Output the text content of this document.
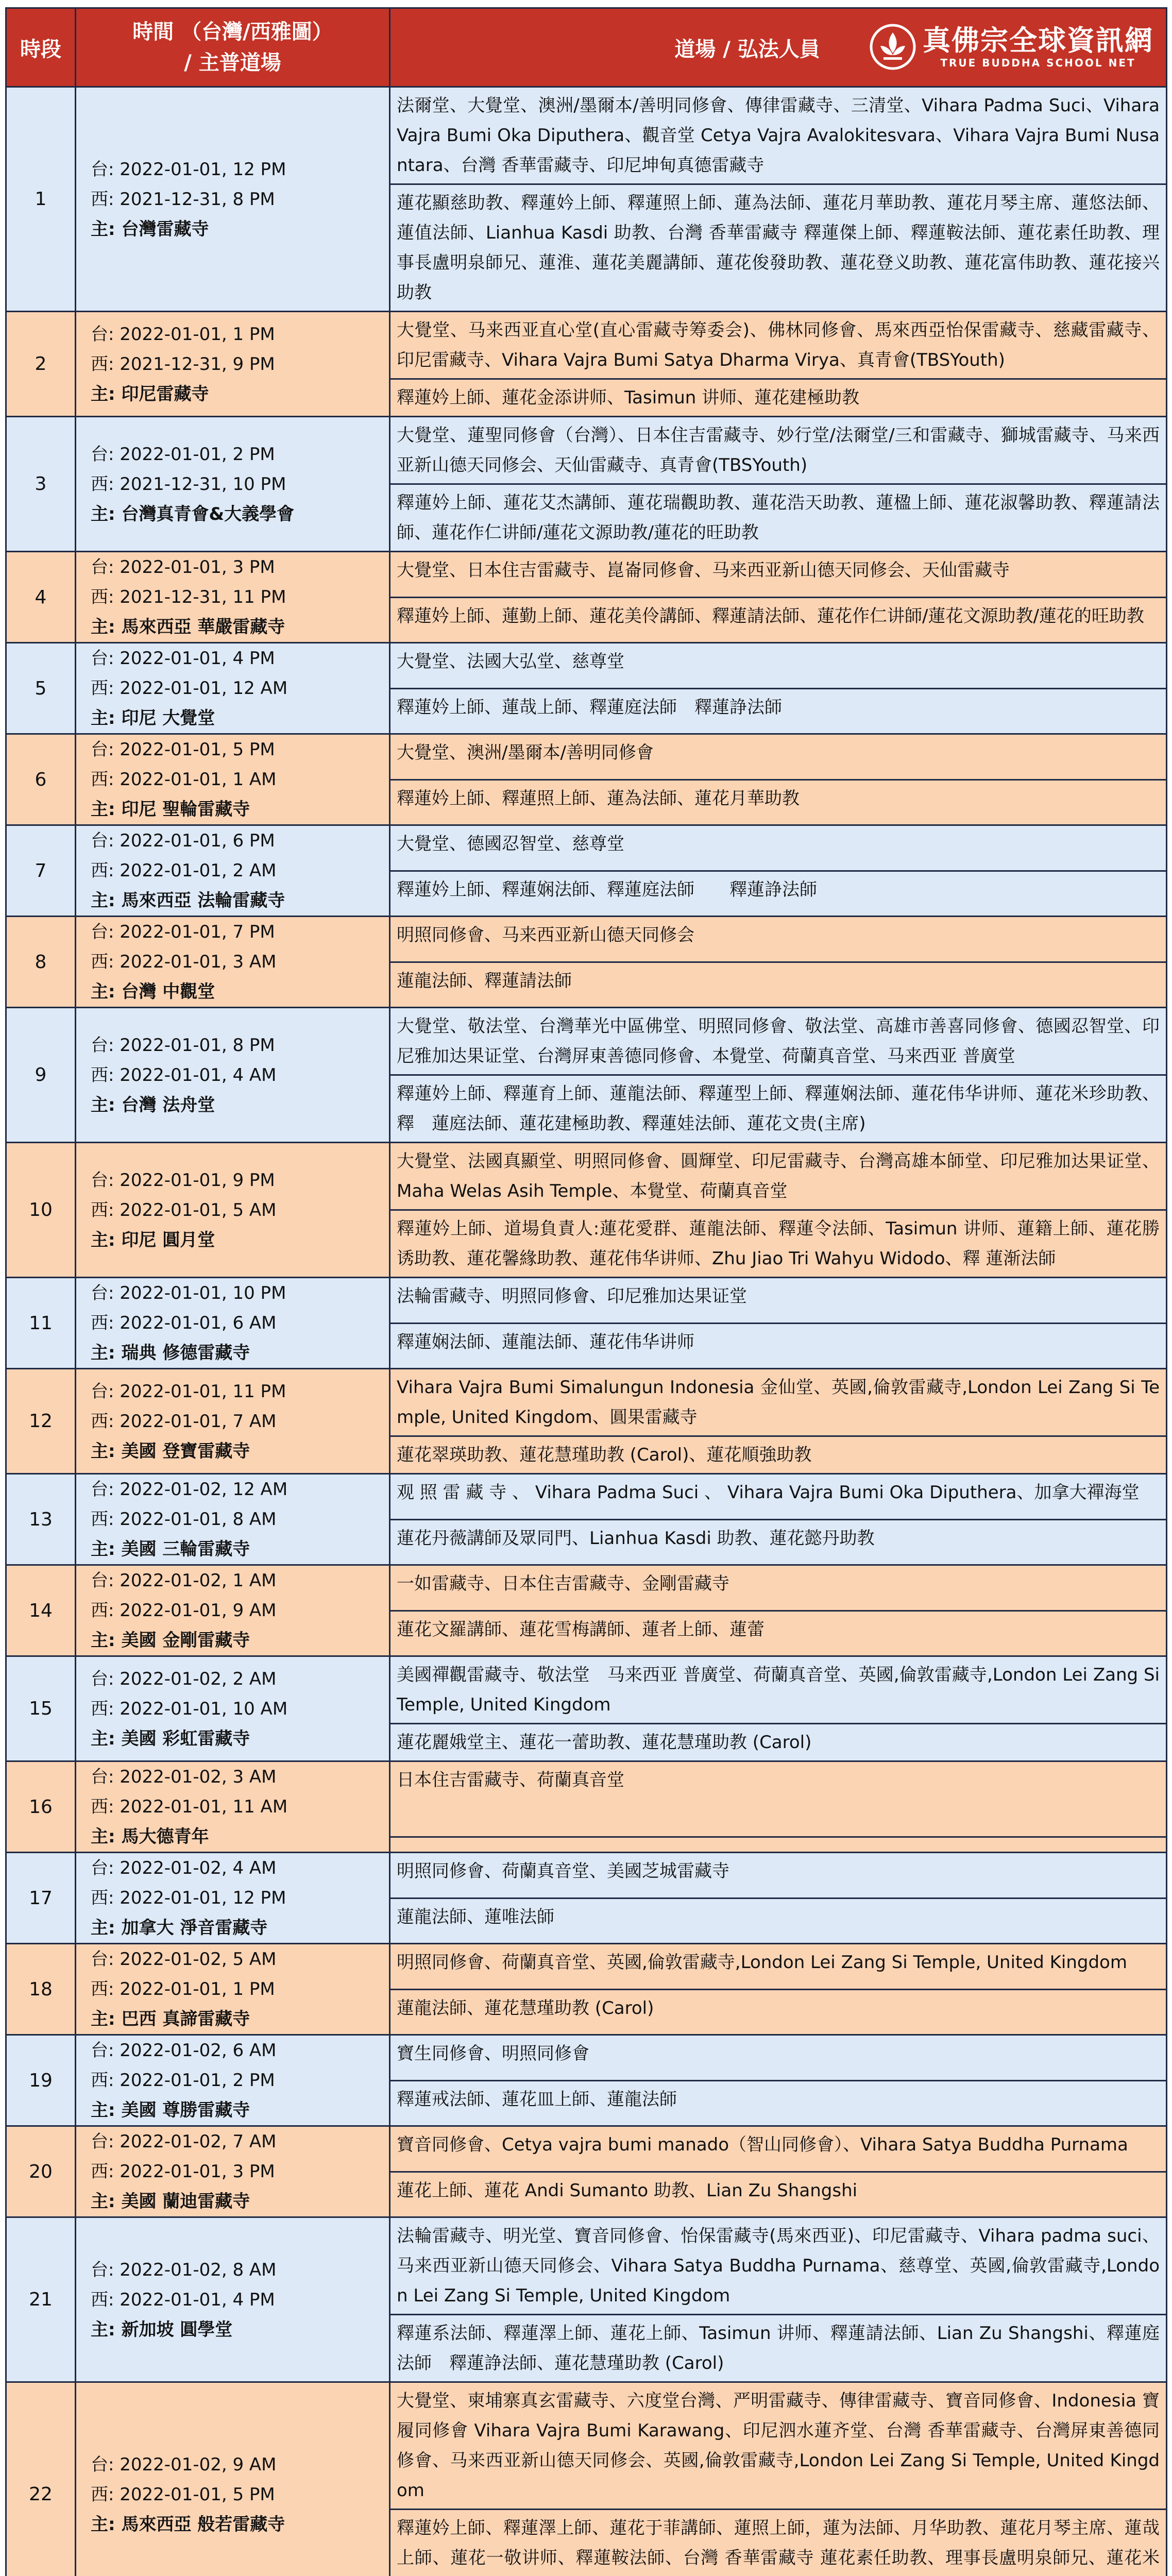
時段	時間 （台灣/西雅圖）
/ 主普道場	道場 / 弘法人員 真佛宗全球資訊網
TRUE BUDDHA SCHOOL NET

1	台: 2022-01-01, 12 PM
西: 2021-12-31, 8 PM
主: 台灣雷藏寺	法爾堂、大覺堂、澳洲/墨爾本/善明同修會、傳律雷藏寺、三清堂、Vihara Padma Suci、Vihara Vajra Bumi Oka Diputhera、觀音堂 Cetya Vajra Avalokitesvara、Vihara Vajra Bumi Nusantara、台灣 香華雷藏寺、印尼坤甸真德雷藏寺
		蓮花顯慈助教、釋蓮妗上師、釋蓮照上師、蓮為法師、蓮花月華助教、蓮花月琴主席、蓮悠法師、蓮值法師、Lianhua Kasdi 助教、台灣 香華雷藏寺 釋蓮傑上師、釋蓮鞍法師、蓮花素任助教、理事長盧明泉師兄、蓮淮、蓮花美麗講師、蓮花俊發助教、蓮花登义助教、蓮花富伟助教、蓮花接兴助教
2	台: 2022-01-01, 1 PM
西: 2021-12-31, 9 PM
主: 印尼雷藏寺	大覺堂、马来西亚直心堂(直心雷藏寺筹委会)、佛林同修會、馬來西亞怡保雷藏寺、慈藏雷藏寺、印尼雷藏寺、Vihara Vajra Bumi Satya Dharma Virya、真青會(TBSYouth)
		釋蓮妗上師、蓮花金添讲师、Tasimun 讲师、蓮花建極助教
3	台: 2022-01-01, 2 PM
西: 2021-12-31, 10 PM
主: 台灣真青會&大義學會	大覺堂、蓮聖同修會（台灣）、日本住吉雷藏寺、妙行堂/法爾堂/三和雷藏寺、獅城雷藏寺、马来西亚新山德天同修会、天仙雷藏寺、真青會(TBSYouth)
		釋蓮妗上師、蓮花艾杰講師、蓮花瑞觀助教、蓮花浩天助教、蓮楹上師、蓮花淑馨助教、釋蓮請法師、蓮花作仁讲師/蓮花文源助教/蓮花的旺助教
4	台: 2022-01-01, 3 PM
西: 2021-12-31, 11 PM
主: 馬來西亞 華嚴雷藏寺	大覺堂、日本住吉雷藏寺、崑崙同修會、马来西亚新山德天同修会、天仙雷藏寺
		釋蓮妗上師、蓮勤上師、蓮花美伶講師、釋蓮請法師、蓮花作仁讲師/蓮花文源助教/蓮花的旺助教
5	台: 2022-01-01, 4 PM
西: 2022-01-01, 12 AM
主: 印尼 大覺堂	大覺堂、法國大弘堂、慈尊堂
		釋蓮妗上師、蓮哉上師、釋蓮庭法師　釋蓮諍法師
6	台: 2022-01-01, 5 PM
西: 2022-01-01, 1 AM
主: 印尼 聖輪雷藏寺	大覺堂、澳洲/墨爾本/善明同修會
		釋蓮妗上師、釋蓮照上師、蓮為法師、蓮花月華助教
7	台: 2022-01-01, 6 PM
西: 2022-01-01, 2 AM
主: 馬來西亞 法輪雷藏寺	大覺堂、德國忍智堂、慈尊堂
		釋蓮妗上師、釋蓮娴法師、釋蓮庭法師　　釋蓮諍法師
8	台: 2022-01-01, 7 PM
西: 2022-01-01, 3 AM
主: 台灣 中觀堂	明照同修會、马来西亚新山德天同修会
		蓮龍法師、釋蓮請法師
9	台: 2022-01-01, 8 PM
西: 2022-01-01, 4 AM
主: 台灣 法舟堂	大覺堂、敬法堂、台灣華光中區佛堂、明照同修會、敬法堂、高雄市善喜同修會、德國忍智堂、印尼雅加达果证堂、台灣屏東善德同修會、本覺堂、荷蘭真音堂、马来西亚 普廣堂
		釋蓮妗上師、釋蓮育上師、蓮龍法師、釋蓮型上師、釋蓮娴法師、蓮花伟华讲师、蓮花米珍助教、釋　蓮庭法師、蓮花建極助教、釋蓮娃法師、蓮花文贵(主席)
10	台: 2022-01-01, 9 PM
西: 2022-01-01, 5 AM
主: 印尼 圓月堂	大覺堂、法國真顯堂、明照同修會、圓輝堂、印尼雷藏寺、台灣高雄本師堂、印尼雅加达果证堂、Maha Welas Asih Temple、本覺堂、荷蘭真音堂
		釋蓮妗上師、道場負責人:蓮花愛群、蓮龍法師、釋蓮令法師、Tasimun 讲师、蓮籍上師、蓮花勝诱助教、蓮花馨緣助教、蓮花伟华讲师、Zhu Jiao Tri Wahyu Widodo、釋 蓮渐法師
11	台: 2022-01-01, 10 PM
西: 2022-01-01, 6 AM
主: 瑞典 修德雷藏寺	法輪雷藏寺、明照同修會、印尼雅加达果证堂
		釋蓮娴法師、蓮龍法師、蓮花伟华讲师
12	台: 2022-01-01, 11 PM
西: 2022-01-01, 7 AM
主: 美國 登寶雷藏寺	Vihara Vajra Bumi Simalungun Indonesia 金仙堂、英國,倫敦雷藏寺,London Lei Zang Si Temple, United Kingdom、圓果雷藏寺
		蓮花翠瑛助教、蓮花慧瑾助教 (Carol)、蓮花順強助教
13	台: 2022-01-02, 12 AM
西: 2022-01-01, 8 AM
主: 美國 三輪雷藏寺	观 照 雷 藏 寺 、 Vihara Padma Suci 、 Vihara Vajra Bumi Oka Diputhera、加拿大禪海堂
		蓮花丹薇講師及眾同門、Lianhua Kasdi 助教、蓮花懿丹助教
14	台: 2022-01-02, 1 AM
西: 2022-01-01, 9 AM
主: 美國 金剛雷藏寺	一如雷藏寺、日本住吉雷藏寺、金剛雷藏寺
		蓮花文羅講師、蓮花雪梅講師、蓮者上師、蓮蕾
15	台: 2022-01-02, 2 AM
西: 2022-01-01, 10 AM
主: 美國 彩虹雷藏寺	美國禪觀雷藏寺、敬法堂　马来西亚 普廣堂、荷蘭真音堂、英國,倫敦雷藏寺,London Lei Zang Si Temple, United Kingdom
		蓮花麗娥堂主、蓮花一蕾助教、蓮花慧瑾助教 (Carol)
16	台: 2022-01-02, 3 AM
西: 2022-01-01, 11 AM
主: 馬大德青年	日本住吉雷藏寺、荷蘭真音堂

17	台: 2022-01-02, 4 AM
西: 2022-01-01, 12 PM
主: 加拿大 淨音雷藏寺	明照同修會、荷蘭真音堂、美國芝城雷藏寺
		蓮龍法師、蓮唯法師
18	台: 2022-01-02, 5 AM
西: 2022-01-01, 1 PM
主: 巴西 真諦雷藏寺	明照同修會、荷蘭真音堂、英國,倫敦雷藏寺,London Lei Zang Si Temple, United Kingdom
		蓮龍法師、蓮花慧瑾助教 (Carol)
19	台: 2022-01-02, 6 AM
西: 2022-01-01, 2 PM
主: 美國 尊勝雷藏寺	寶生同修會、明照同修會
		釋蓮戒法師、蓮花皿上師、蓮龍法師
20	台: 2022-01-02, 7 AM
西: 2022-01-01, 3 PM
主: 美國 蘭迪雷藏寺	寶音同修會、Cetya vajra bumi manado（智山同修會）、Vihara Satya Buddha Purnama
		蓮花上師、蓮花 Andi Sumanto 助教、Lian Zu Shangshi
21	台: 2022-01-02, 8 AM
西: 2022-01-01, 4 PM
主: 新加坡 圓學堂	法輪雷藏寺、明光堂、寶音同修會、怡保雷藏寺(馬來西亚)、印尼雷藏寺、Vihara padma suci、马来西亚新山德天同修会、Vihara Satya Buddha Purnama、慈尊堂、英國,倫敦雷藏寺,London Lei Zang Si Temple, United Kingdom
		釋蓮系法師、釋蓮澤上師、蓮花上師、Tasimun 讲师、釋蓮請法師、Lian Zu Shangshi、釋蓮庭法師　釋蓮諍法師、蓮花慧瑾助教 (Carol)
22	台: 2022-01-02, 9 AM
西: 2022-01-01, 5 PM
主: 馬來西亞 般若雷藏寺	大覺堂、柬埔寨真玄雷藏寺、六度堂台灣、严明雷藏寺、傳律雷藏寺、寶音同修會、Indonesia 寶履同修會 Vihara Vajra Bumi Karawang、印尼泗水蓮齐堂、台灣 香華雷藏寺、台灣屏東善德同修會、马来西亚新山德天同修会、英國,倫敦雷藏寺,London Lei Zang Si Temple, United Kingdom
		釋蓮妗上師、釋蓮澤上師、蓮花于菲講師、蓮照上師，蓮为法師、月华助教、蓮花月琴主席、蓮哉上師、蓮花一敬讲师、釋蓮鞍法師、台灣 香華雷藏寺 蓮花素任助教、理事長盧明泉師兄、蓮花米
